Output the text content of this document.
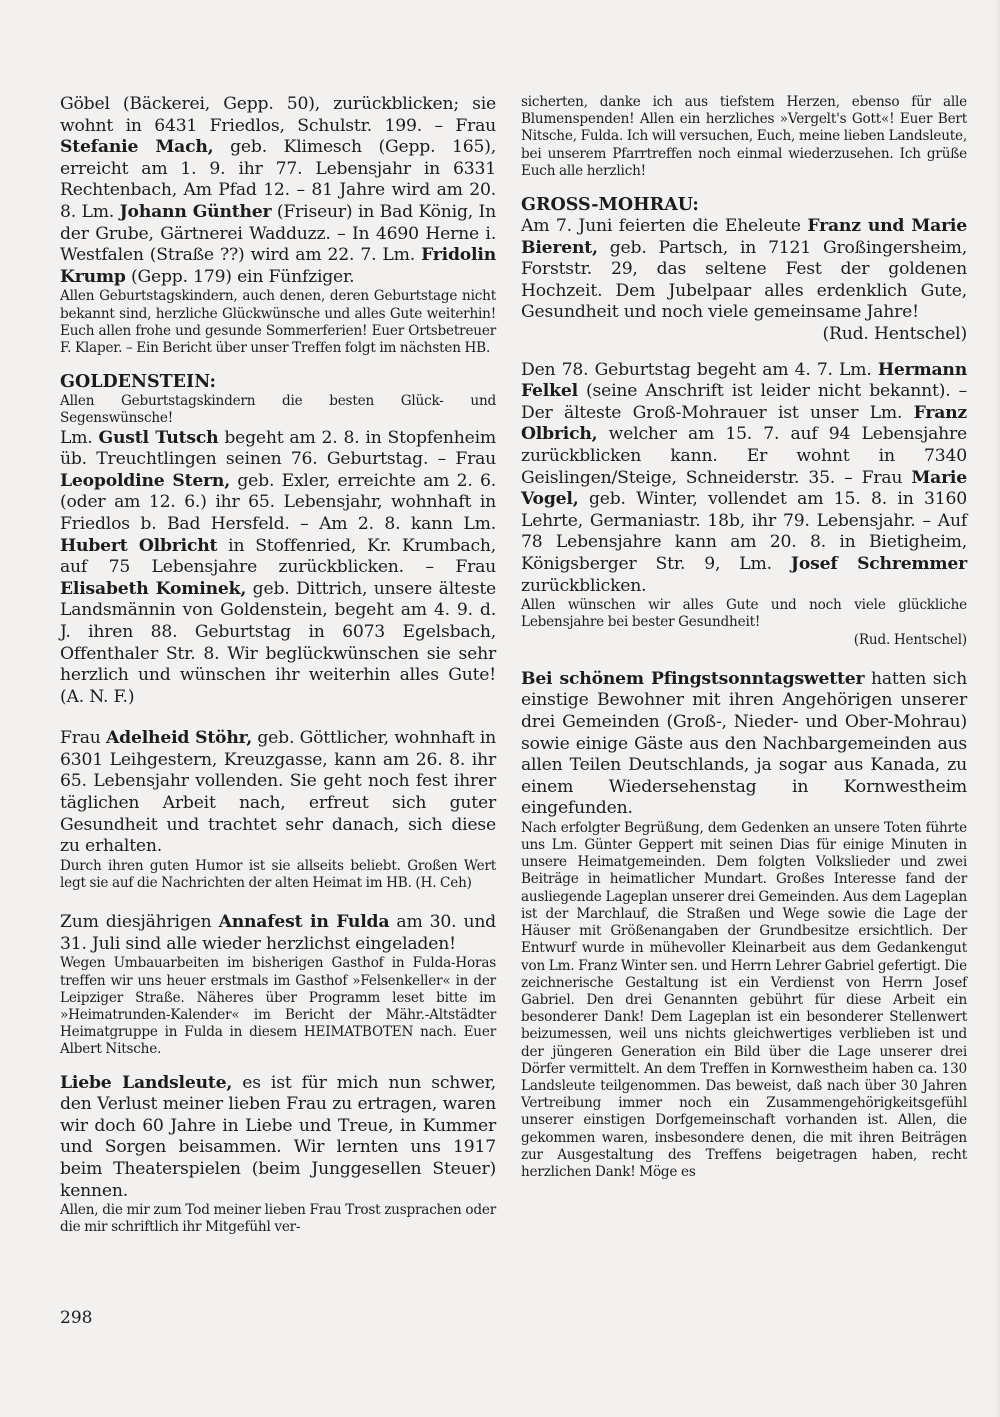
Göbel (Bäckerei, Gepp. 50), zurückblicken; sie wohnt in 6431 Friedlos, Schulstr. 199. – Frau Stefanie Mach, geb. Klimesch (Gepp. 165), erreicht am 1. 9. ihr 77. Lebensjahr in 6331 Rechtenbach, Am Pfad 12. – 81 Jahre wird am 20. 8. Lm. Johann Günther (Friseur) in Bad König, In der Grube, Gärtnerei Wadduzz. – In 4690 Herne i. Westfalen (Straße ??) wird am 22. 7. Lm. Fridolin Krump (Gepp. 179) ein Fünfziger.

Allen Geburtstagskindern, auch denen, deren Geburtstage nicht bekannt sind, herzliche Glückwünsche und alles Gute weiterhin! Euch allen frohe und gesunde Sommerferien! Euer Ortsbetreuer F. Klaper. – Ein Bericht über unser Treffen folgt im nächsten HB.

GOLDENSTEIN:

Allen Geburtstagskindern die besten Glück- und Segenswünsche!

Lm. Gustl Tutsch begeht am 2. 8. in Stopfenheim üb. Treuchtlingen seinen 76. Geburtstag. – Frau Leopoldine Stern, geb. Exler, erreichte am 2. 6. (oder am 12. 6.) ihr 65. Lebensjahr, wohnhaft in Friedlos b. Bad Hersfeld. – Am 2. 8. kann Lm. Hubert Olbricht in Stoffenried, Kr. Krumbach, auf 75 Lebensjahre zurückblicken. – Frau Elisabeth Kominek, geb. Dittrich, unsere älteste Landsmännin von Goldenstein, begeht am 4. 9. d. J. ihren 88. Geburtstag in 6073 Egelsbach, Offenthaler Str. 8. Wir beglückwünschen sie sehr herzlich und wünschen ihr weiterhin alles Gute! (A. N. F.)

Frau Adelheid Stöhr, geb. Göttlicher, wohnhaft in 6301 Leihgestern, Kreuzgasse, kann am 26. 8. ihr 65. Lebensjahr vollenden. Sie geht noch fest ihrer täglichen Arbeit nach, erfreut sich guter Gesundheit und trachtet sehr danach, sich diese zu erhalten.

Durch ihren guten Humor ist sie allseits beliebt. Großen Wert legt sie auf die Nachrichten der alten Heimat im HB. (H. Ceh)

Zum diesjährigen Annafest in Fulda am 30. und 31. Juli sind alle wieder herzlichst eingeladen!

Wegen Umbauarbeiten im bisherigen Gasthof in Fulda-Horas treffen wir uns heuer erstmals im Gasthof »Felsenkeller« in der Leipziger Straße. Näheres über Programm leset bitte im »Heimatrunden-Kalender« im Bericht der Mähr.-Altstädter Heimatgruppe in Fulda in diesem HEIMATBOTEN nach. Euer Albert Nitsche.

Liebe Landsleute, es ist für mich nun schwer, den Verlust meiner lieben Frau zu ertragen, waren wir doch 60 Jahre in Liebe und Treue, in Kummer und Sorgen beisammen. Wir lernten uns 1917 beim Theaterspielen (beim Junggesellen Steuer) kennen.

Allen, die mir zum Tod meiner lieben Frau Trost zusprachen oder die mir schriftlich ihr Mitgefühl ver-

sicherten, danke ich aus tiefstem Herzen, ebenso für alle Blumenspenden! Allen ein herzliches »Vergelt's Gott«! Euer Bert Nitsche, Fulda. Ich will versuchen, Euch, meine lieben Landsleute, bei unserem Pfarrtreffen noch einmal wiederzusehen. Ich grüße Euch alle herzlich!

GROSS-MOHRAU:

Am 7. Juni feierten die Eheleute Franz und Marie Bierent, geb. Partsch, in 7121 Großingersheim, Forststr. 29, das seltene Fest der goldenen Hochzeit. Dem Jubelpaar alles erdenklich Gute, Gesundheit und noch viele gemeinsame Jahre!

(Rud. Hentschel)

Den 78. Geburtstag begeht am 4. 7. Lm. Hermann Felkel (seine Anschrift ist leider nicht bekannt). – Der älteste Groß-Mohrauer ist unser Lm. Franz Olbrich, welcher am 15. 7. auf 94 Lebensjahre zurückblicken kann. Er wohnt in 7340 Geislingen/Steige, Schneiderstr. 35. – Frau Marie Vogel, geb. Winter, vollendet am 15. 8. in 3160 Lehrte, Germaniastr. 18b, ihr 79. Lebensjahr. – Auf 78 Lebensjahre kann am 20. 8. in Bietigheim, Königsberger Str. 9, Lm. Josef Schremmer zurückblicken.

Allen wünschen wir alles Gute und noch viele glückliche Lebensjahre bei bester Gesundheit!

(Rud. Hentschel)

Bei schönem Pfingstsonntagswetter hatten sich einstige Bewohner mit ihren Angehörigen unserer drei Gemeinden (Groß-, Nieder- und Ober-Mohrau) sowie einige Gäste aus den Nachbargemeinden aus allen Teilen Deutschlands, ja sogar aus Kanada, zu einem Wiedersehenstag in Kornwestheim eingefunden.

Nach erfolgter Begrüßung, dem Gedenken an unsere Toten führte uns Lm. Günter Geppert mit seinen Dias für einige Minuten in unsere Heimatgemeinden. Dem folgten Volkslieder und zwei Beiträge in heimatlicher Mundart. Großes Interesse fand der ausliegende Lageplan unserer drei Gemeinden. Aus dem Lageplan ist der Marchlauf, die Straßen und Wege sowie die Lage der Häuser mit Größenangaben der Grundbesitze ersichtlich. Der Entwurf wurde in mühevoller Kleinarbeit aus dem Gedankengut von Lm. Franz Winter sen. und Herrn Lehrer Gabriel gefertigt. Die zeichnerische Gestaltung ist ein Verdienst von Herrn Josef Gabriel. Den drei Genannten gebührt für diese Arbeit ein besonderer Dank! Dem Lageplan ist ein besonderer Stellenwert beizumessen, weil uns nichts gleichwertiges verblieben ist und der jüngeren Generation ein Bild über die Lage unserer drei Dörfer vermittelt. An dem Treffen in Kornwestheim haben ca. 130 Landsleute teilgenommen. Das beweist, daß nach über 30 Jahren Vertreibung immer noch ein Zusammengehörigkeitsgefühl unserer einstigen Dorfgemeinschaft vorhanden ist. Allen, die gekommen waren, insbesondere denen, die mit ihren Beiträgen zur Ausgestaltung des Treffens beigetragen haben, recht herzlichen Dank! Möge es

298
